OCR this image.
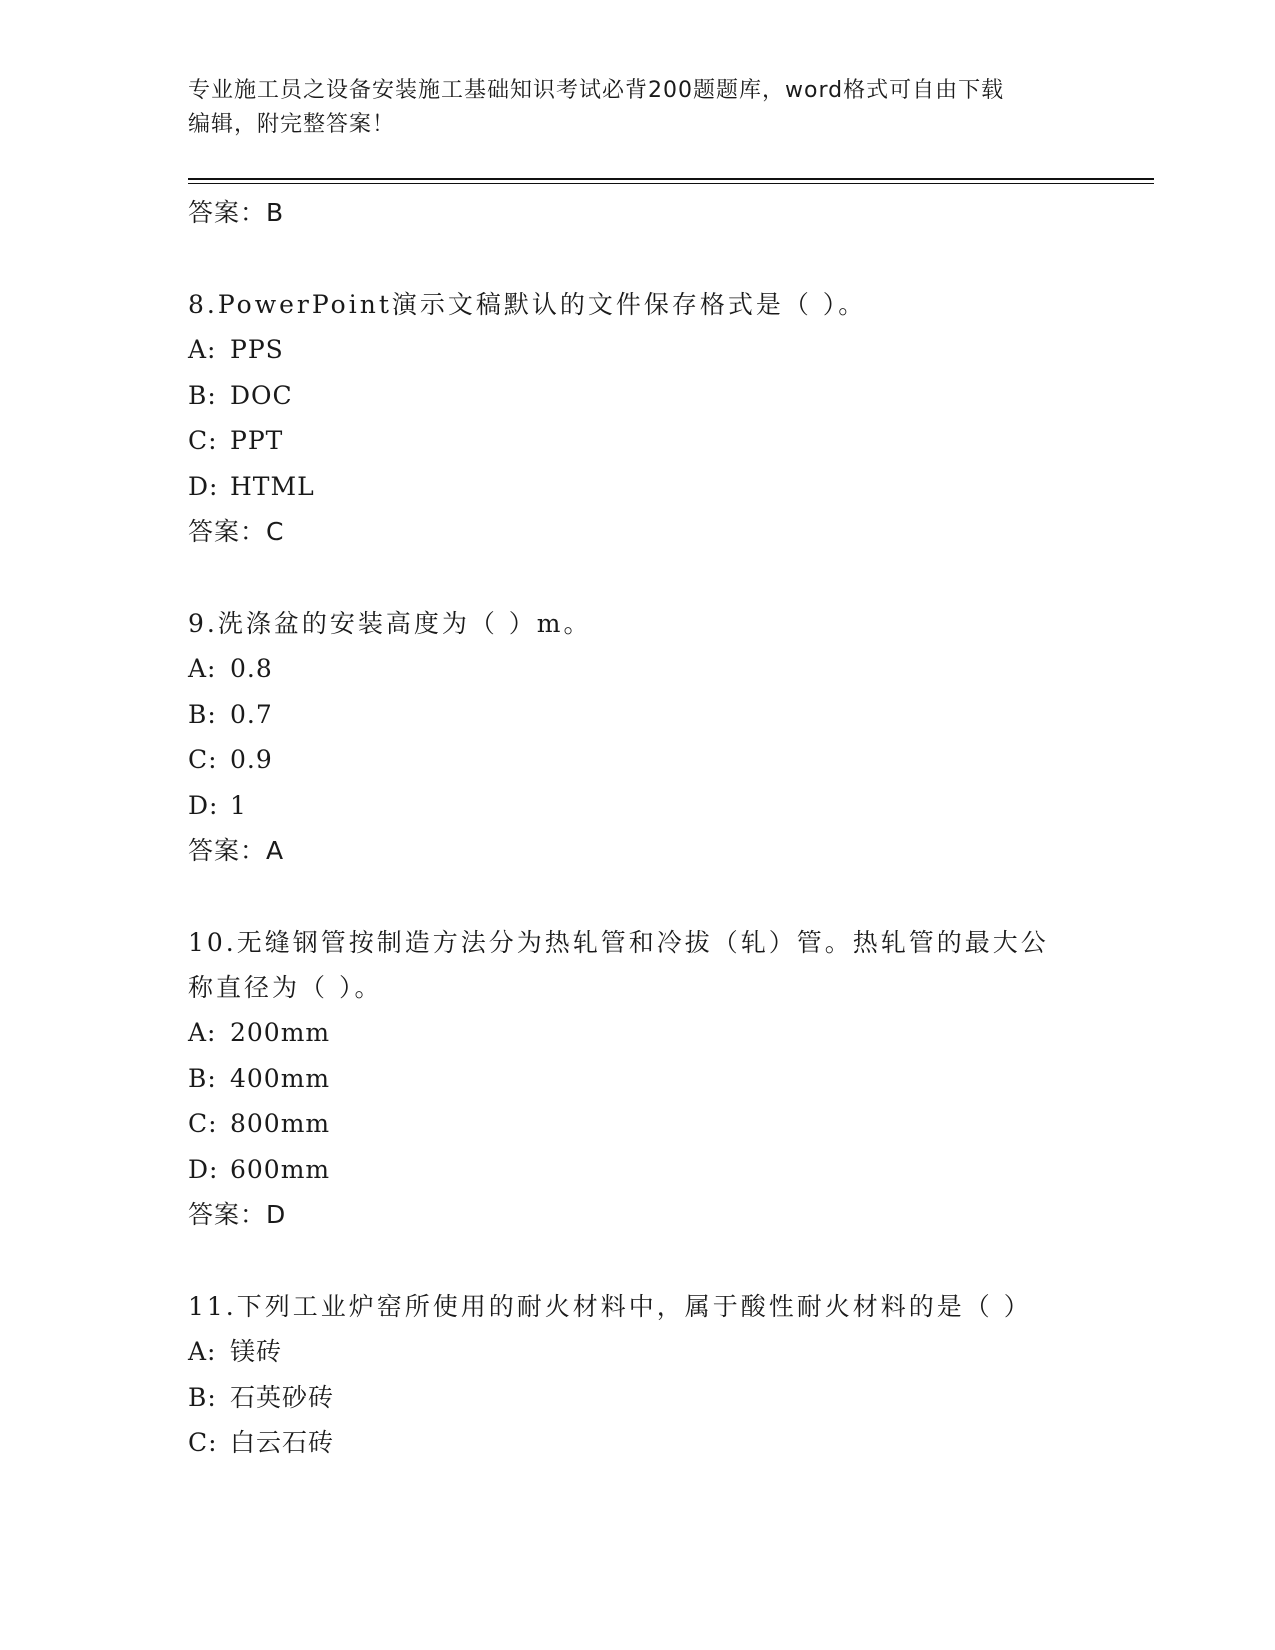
专业施工员之设备安装施工基础知识考试必背200题题库，word格式可自由下载
编辑，附完整答案！
答案：B
8.PowerPoint演示文稿默认的文件保存格式是（ ）。
A: PPS
B: DOC
C: PPT
D: HTML
答案：C
9.洗涤盆的安装高度为（ ）m。
A: 0.8
B: 0.7
C: 0.9
D: 1
答案：A
10.无缝钢管按制造方法分为热轧管和冷拔（轧）管。热轧管的最大公称直径为（ ）。
A: 200mm
B: 400mm
C: 800mm
D: 600mm
答案：D
11.下列工业炉窑所使用的耐火材料中，属于酸性耐火材料的是（ ）
A: 镁砖
B: 石英砂砖
C: 白云石砖
